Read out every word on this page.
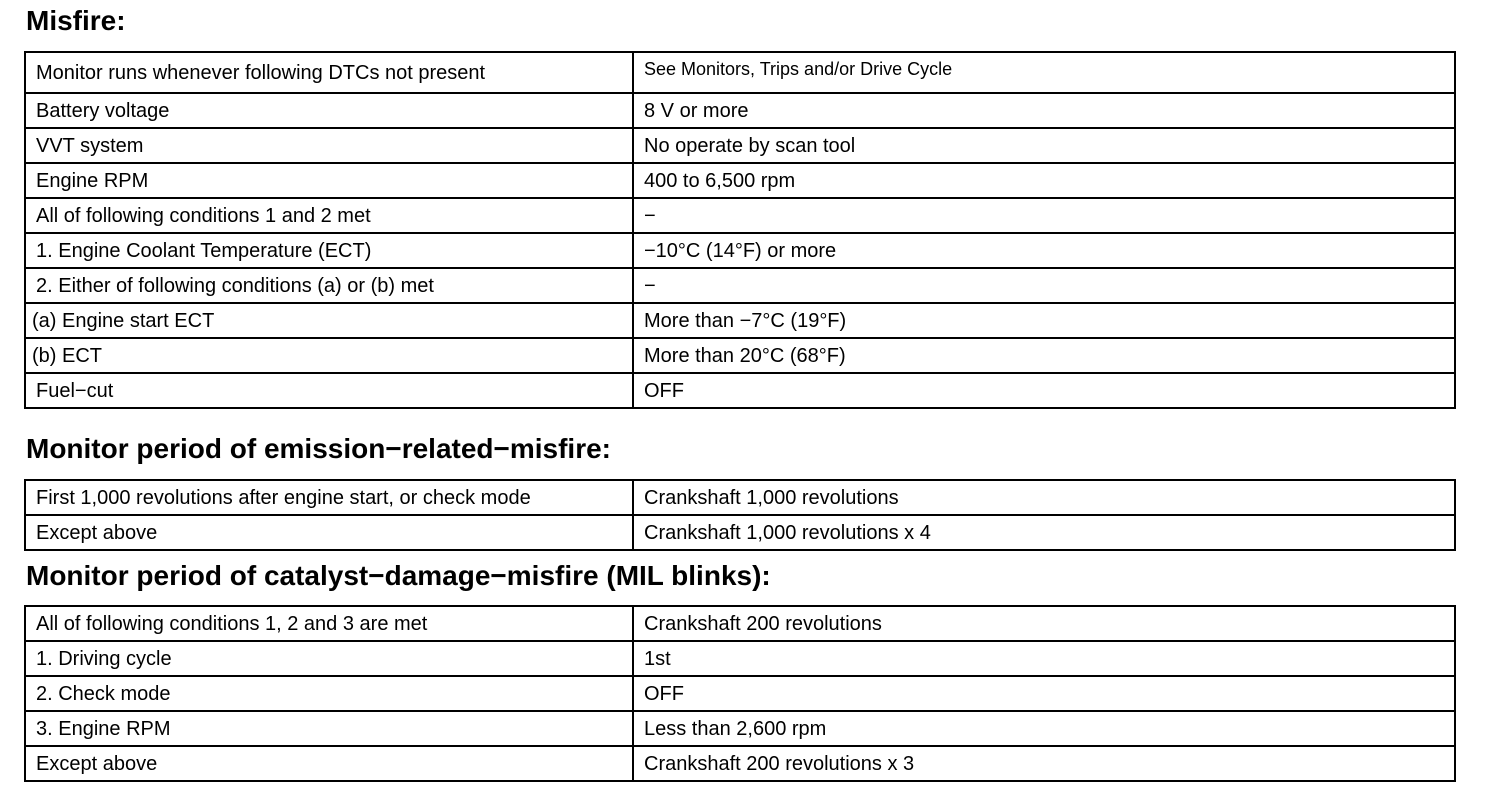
Misfire:
Monitor runs whenever following DTCs not present	See Monitors, Trips and/or Drive Cycle
Battery voltage	8 V or more
VVT system	No operate by scan tool
Engine RPM	400 to 6,500 rpm
All of following conditions 1 and 2 met	−
1. Engine Coolant Temperature (ECT)	−10°C (14°F) or more
2. Either of following conditions (a) or (b) met	−
(a) Engine start ECT	More than −7°C (19°F)
(b) ECT	More than 20°C (68°F)
Fuel−cut	OFF
Monitor period of emission−related−misfire:
First 1,000 revolutions after engine start, or check mode	Crankshaft 1,000 revolutions
Except above	Crankshaft 1,000 revolutions x 4
Monitor period of catalyst−damage−misfire (MIL blinks):
All of following conditions 1, 2 and 3 are met	Crankshaft 200 revolutions
1. Driving cycle	1st
2. Check mode	OFF
3. Engine RPM	Less than 2,600 rpm
Except above	Crankshaft 200 revolutions x 3
